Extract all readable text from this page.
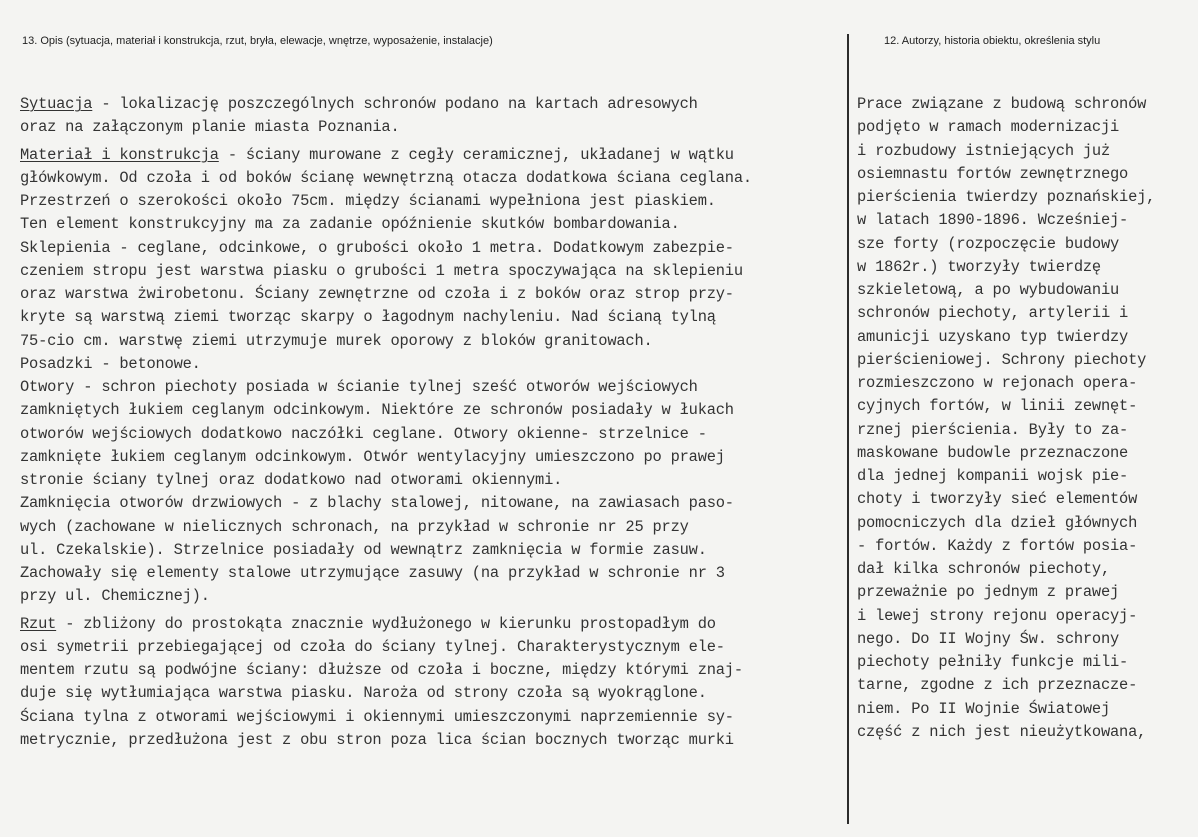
13. Opis (sytuacja, materiał i konstrukcja, rzut, bryła, elewacje, wnętrze, wyposażenie, instalacje)	12. Autorzy, historia obiektu, określenia stylu
Sytuacja - lokalizację poszczególnych schronów podano na kartach adresowych
oraz na załączonym planie miasta Poznania.
Materiał i konstrukcja - ściany murowane z cegły ceramicznej, układanej w wątku
główkowym. Od czoła i od boków ścianę wewnętrzną otacza dodatkowa ściana ceglana.
Przestrzeń o szerokości około 75cm. między ścianami wypełniona jest piaskiem.
Ten element konstrukcyjny ma za zadanie opóźnienie skutków bombardowania.
Sklepienia - ceglane, odcinkowe, o grubości około 1 metra. Dodatkowym zabezpie-
czeniem stropu jest warstwa piasku o grubości 1 metra spoczywająca na sklepieniu
oraz warstwa żwirobetonu. Ściany zewnętrzne od czoła i z boków oraz strop przy-
kryte są warstwą ziemi tworząc skarpy o łagodnym nachyleniu. Nad ścianą tylną
75-cio cm. warstwę ziemi utrzymuje murek oporowy z bloków granitowach.
Posadzki - betonowe.
Otwory - schron piechoty posiada w ścianie tylnej sześć otworów wejściowych
zamkniętych łukiem ceglanym odcinkowym. Niektóre ze schronów posiadały w łukach
otworów wejściowych dodatkowo naczółki ceglane. Otwory okienne- strzelnice -
zamknięte łukiem ceglanym odcinkowym. Otwór wentylacyjny umieszczono po prawej
stronie ściany tylnej oraz dodatkowo nad otworami okiennymi.
Zamknięcia otworów drzwiowych - z blachy stalowej, nitowane, na zawiasach paso-
wych (zachowane w nielicznych schronach, na przykład w schronie nr 25 przy
ul. Czekalskie). Strzelnice posiadały od wewnątrz zamknięcia w formie zasuw.
Zachowały się elementy stalowe utrzymujące zasuwy (na przykład w schronie nr 3
przy ul. Chemicznej).
Rzut - zbliżony do prostokąta znacznie wydłużonego w kierunku prostopadłym do
osi symetrii przebiegającej od czoła do ściany tylnej. Charakterystycznym ele-
mentem rzutu są podwójne ściany: dłuższe od czoła i boczne, między którymi znaj-
duje się wytłumiająca warstwa piasku. Naroża od strony czoła są wyokrąglone.
Ściana tylna z otworami wejściowymi i okiennymi umieszczonymi naprzemiennie sy-
metrycznie, przedłużona jest z obu stron poza lica ścian bocznych tworząc murki
Prace związane z budową schronów
podjęto w ramach modernizacji
i rozbudowy istniejących już
osiemnastu fortów zewnętrznego
pierścienia twierdzy poznańskiej,
w latach 1890-1896. Wcześniej-
sze forty (rozpoczęcie budowy
w 1862r.) tworzyły twierdzę
szkieletową, a po wybudowaniu
schronów piechoty, artylerii i
amunicji uzyskano typ twierdzy
pierścieniowej. Schrony piechoty
rozmieszczono w rejonach opera-
cyjnych fortów, w linii zewnęt-
rznej pierścienia. Były to za-
maskowane budowle przeznaczone
dla jednej kompanii wojsk pie-
choty i tworzyły sieć elementów
pomocniczych dla dzieł głównych
- fortów. Każdy z fortów posia-
dał kilka schronów piechoty,
przeważnie po jednym z prawej
i lewej strony rejonu operacyj-
nego. Do II Wojny Św. schrony
piechoty pełniły funkcje mili-
tarne, zgodne z ich przeznacze-
niem. Po II Wojnie Światowej
część z nich jest nieużytkowana,
